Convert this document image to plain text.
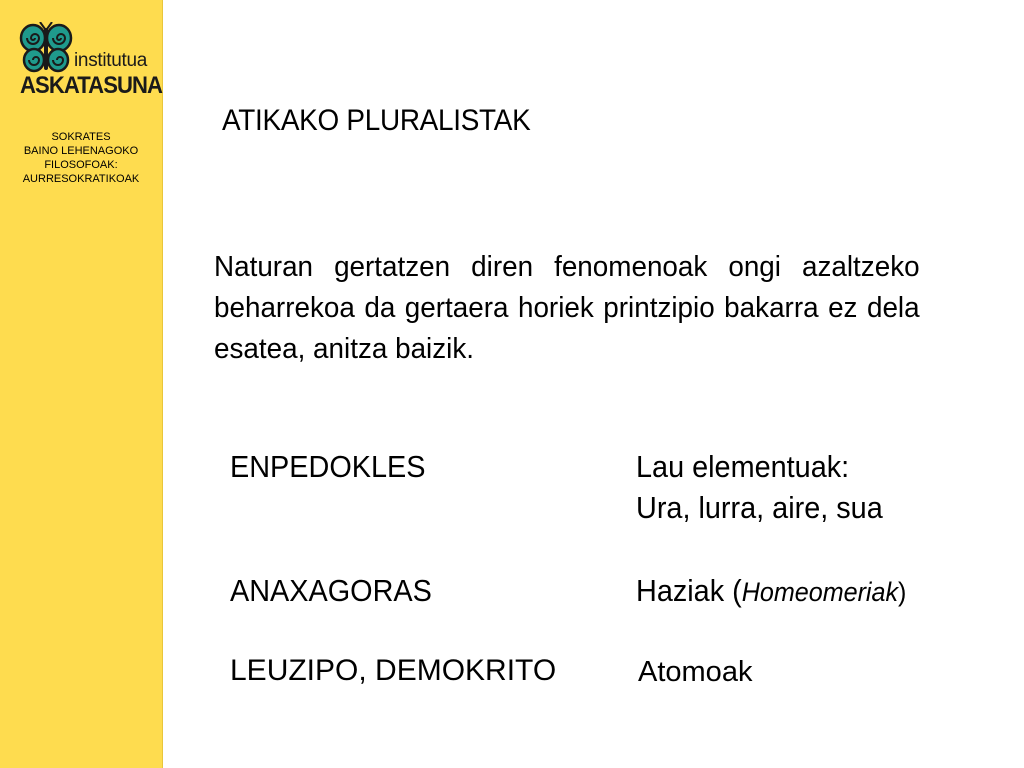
institutua
ASKATASUNA
SOKRATES
BAINO LEHENAGOKO
FILOSOFOAK:
AURRESOKRATIKOAK
ATIKAKO PLURALISTAK
Naturan gertatzen diren fenomenoak ongi azaltzeko beharrekoa da gertaera horiek printzipio bakarra ez dela esatea, anitza baizik.
ENPEDOKLES	Lau elementuak:
Ura, lurra, aire, sua
ANAXAGORAS	Haziak (Homeomeriak)
LEUZIPO, DEMOKRITO	Atomoak
